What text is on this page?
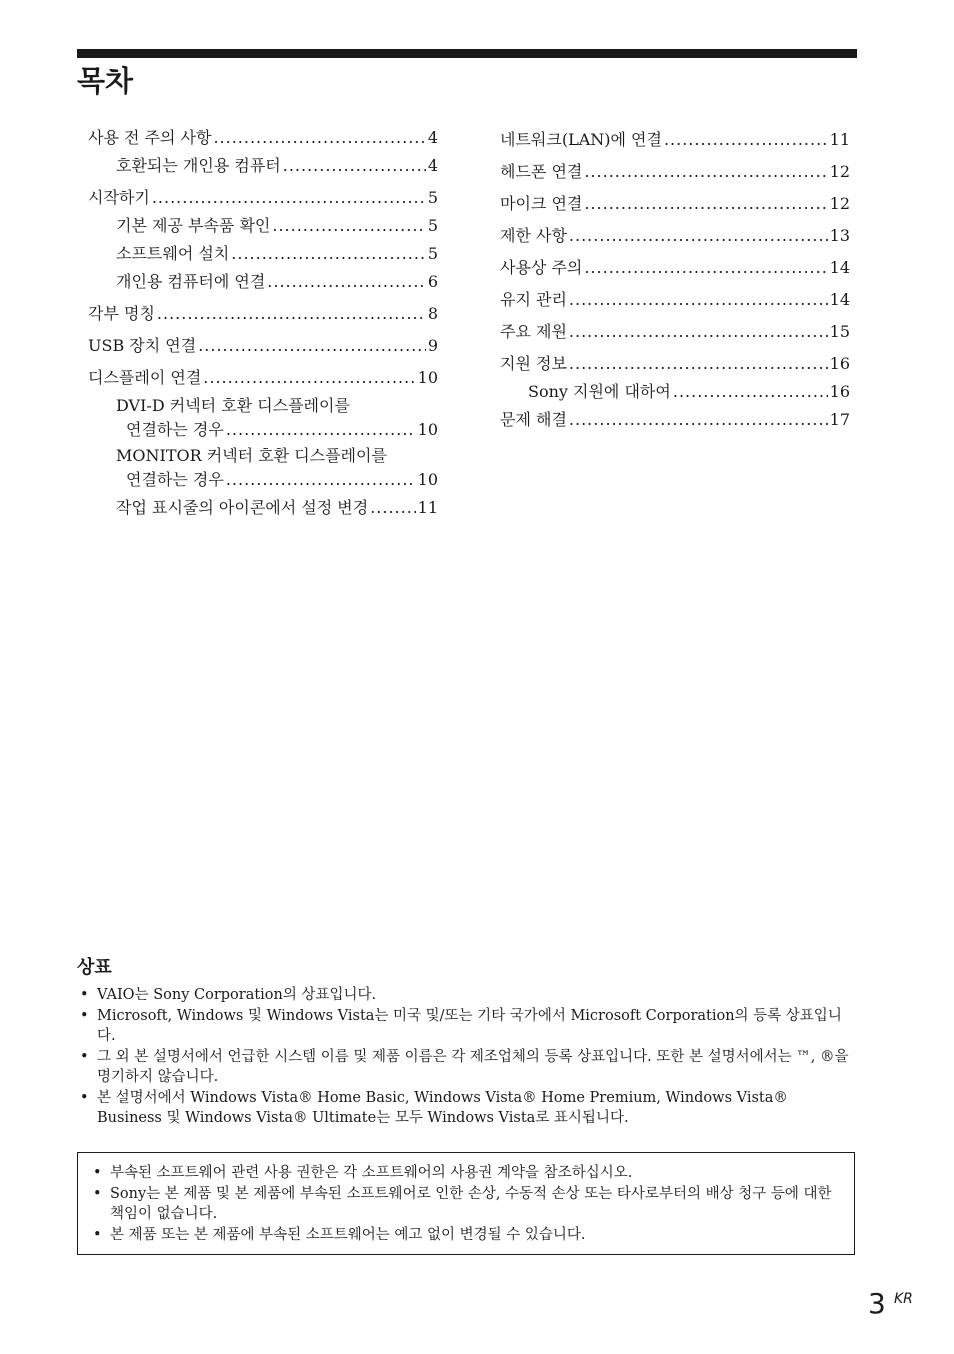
목차
사용 전 주의 사항 .....	4
호환되는 개인용 컴퓨터 .....	4
시작하기 .....	5
기본 제공 부속품 확인 .....	5
소프트웨어 설치 .....	5
개인용 컴퓨터에 연결 .....	6
각부 명칭 .....	8
USB 장치 연결 .....	9
디스플레이 연결 .....	10
DVI-D 커넥터 호환 디스플레이를
연결하는 경우 .....	10
MONITOR 커넥터 호환 디스플레이를
연결하는 경우 .....	10
작업 표시줄의 아이콘에서 설정 변경 .....	11
네트워크(LAN)에 연결 .....	11
헤드폰 연결 .....	12
마이크 연결 .....	12
제한 사항 .....	13
사용상 주의 .....	14
유지 관리 .....	14
주요 제원 .....	15
지원 정보 .....	16
Sony 지원에 대하여 .....	16
문제 해결 .....	17
상표
• VAIO는 Sony Corporation의 상표입니다.
• Microsoft, Windows 및 Windows Vista는 미국 및/또는 기타 국가에서 Microsoft Corporation의 등록 상표입니다.
• 그 외 본 설명서에서 언급한 시스템 이름 및 제품 이름은 각 제조업체의 등록 상표입니다. 또한 본 설명서에서는 ™, ®을 명기하지 않습니다.
• 본 설명서에서 Windows Vista® Home Basic, Windows Vista® Home Premium, Windows Vista® Business 및 Windows Vista® Ultimate는 모두 Windows Vista로 표시됩니다.
• 부속된 소프트웨어 관련 사용 권한은 각 소프트웨어의 사용권 계약을 참조하십시오.
• Sony는 본 제품 및 본 제품에 부속된 소프트웨어로 인한 손상, 수동적 손상 또는 타사로부터의 배상 청구 등에 대한 책임이 없습니다.
• 본 제품 또는 본 제품에 부속된 소프트웨어는 예고 없이 변경될 수 있습니다.
3 KR
